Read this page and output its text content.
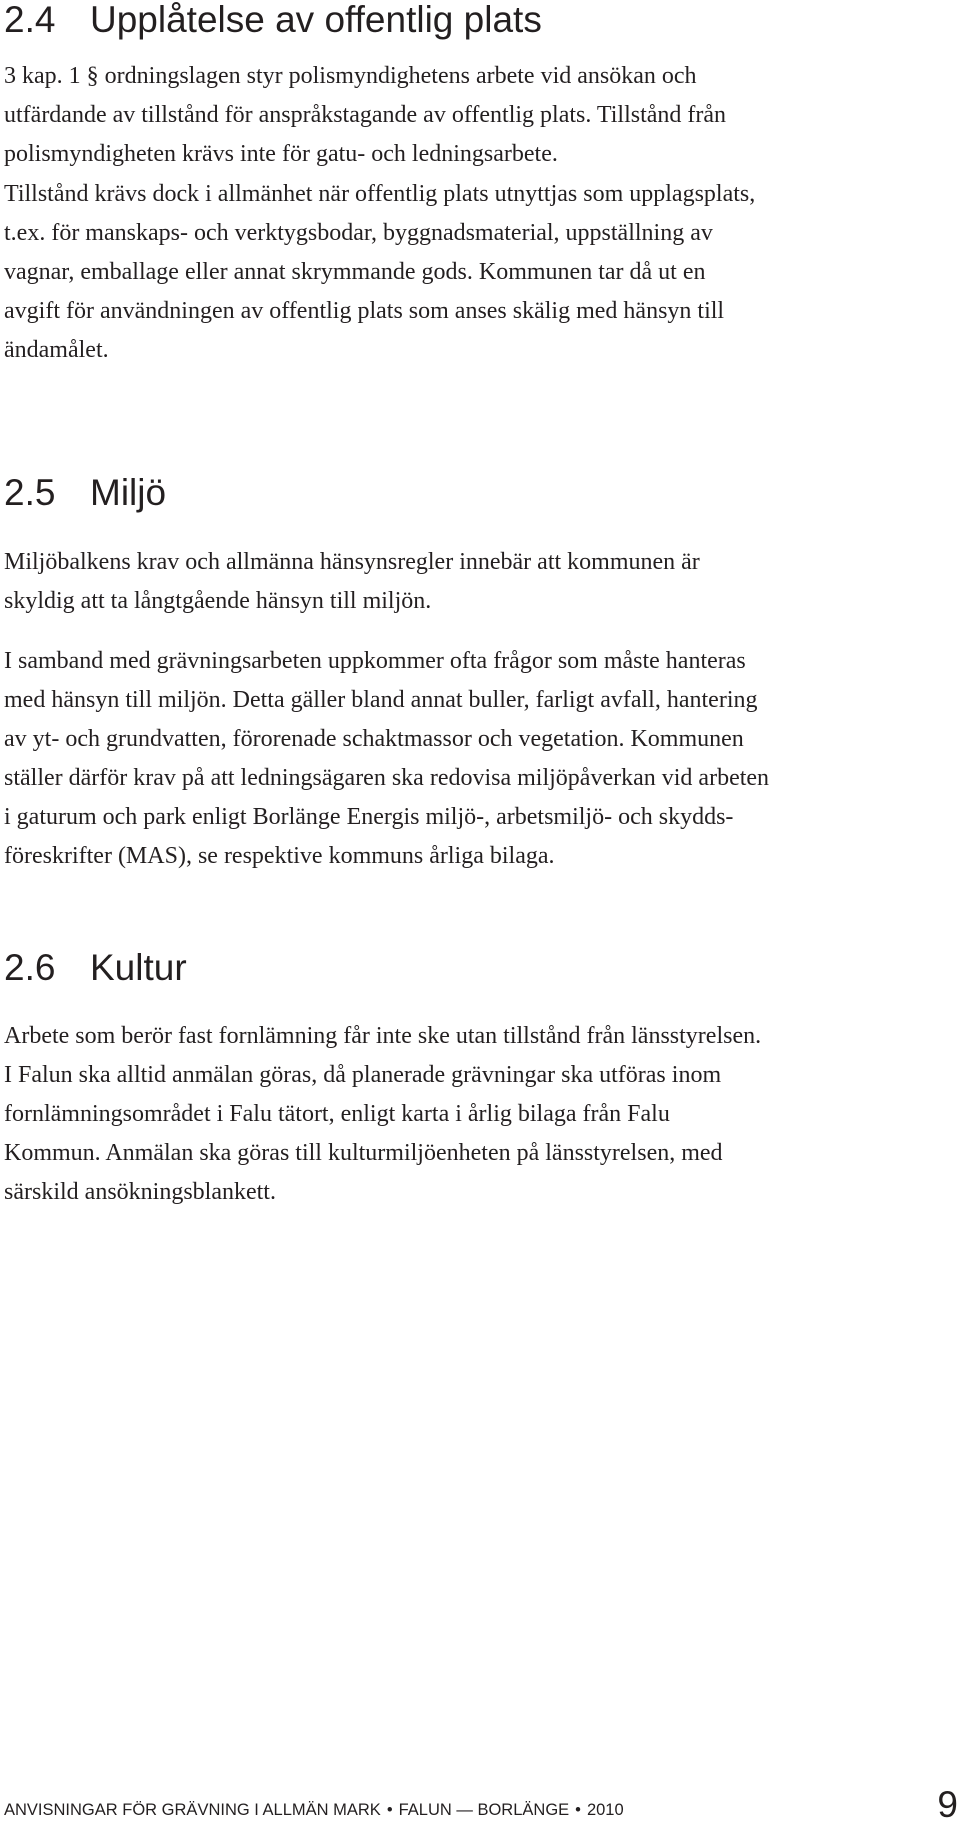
2.4 Upplåtelse av offentlig plats

3 kap. 1 § ordningslagen styr polismyndighetens arbete vid ansökan och
utfärdande av tillstånd för anspråkstagande av offentlig plats. Tillstånd från
polismyndigheten krävs inte för gatu- och ledningsarbete.

Tillstånd krävs dock i allmänhet när offentlig plats utnyttjas som upplagsplats,
t.ex. för manskaps- och verktygsbodar, byggnadsmaterial, uppställning av
vagnar, emballage eller annat skrymmande gods. Kommunen tar då ut en
avgift för användningen av offentlig plats som anses skälig med hänsyn till
ändamålet.

2.5 Miljö

Miljöbalkens krav och allmänna hänsynsregler innebär att kommunen är
skyldig att ta långtgående hänsyn till miljön.

I samband med grävningsarbeten uppkommer ofta frågor som måste hanteras
med hänsyn till miljön. Detta gäller bland annat buller, farligt avfall, hantering
av yt- och grundvatten, förorenade schaktmassor och vegetation. Kommunen
ställer därför krav på att ledningsägaren ska redovisa miljöpåverkan vid arbeten
i gaturum och park enligt Borlänge Energis miljö-, arbetsmiljö- och skydds-
föreskrifter (MAS), se respektive kommuns årliga bilaga.

2.6 Kultur

Arbete som berör fast fornlämning får inte ske utan tillstånd från länsstyrelsen.
I Falun ska alltid anmälan göras, då planerade grävningar ska utföras inom
fornlämningsområdet i Falu tätort, enligt karta i årlig bilaga från Falu
Kommun. Anmälan ska göras till kulturmiljöenheten på länsstyrelsen, med
särskild ansökningsblankett.

ANVISNINGAR FÖR GRÄVNING I ALLMÄN MARK • FALUN — BORLÄNGE • 2010	9
